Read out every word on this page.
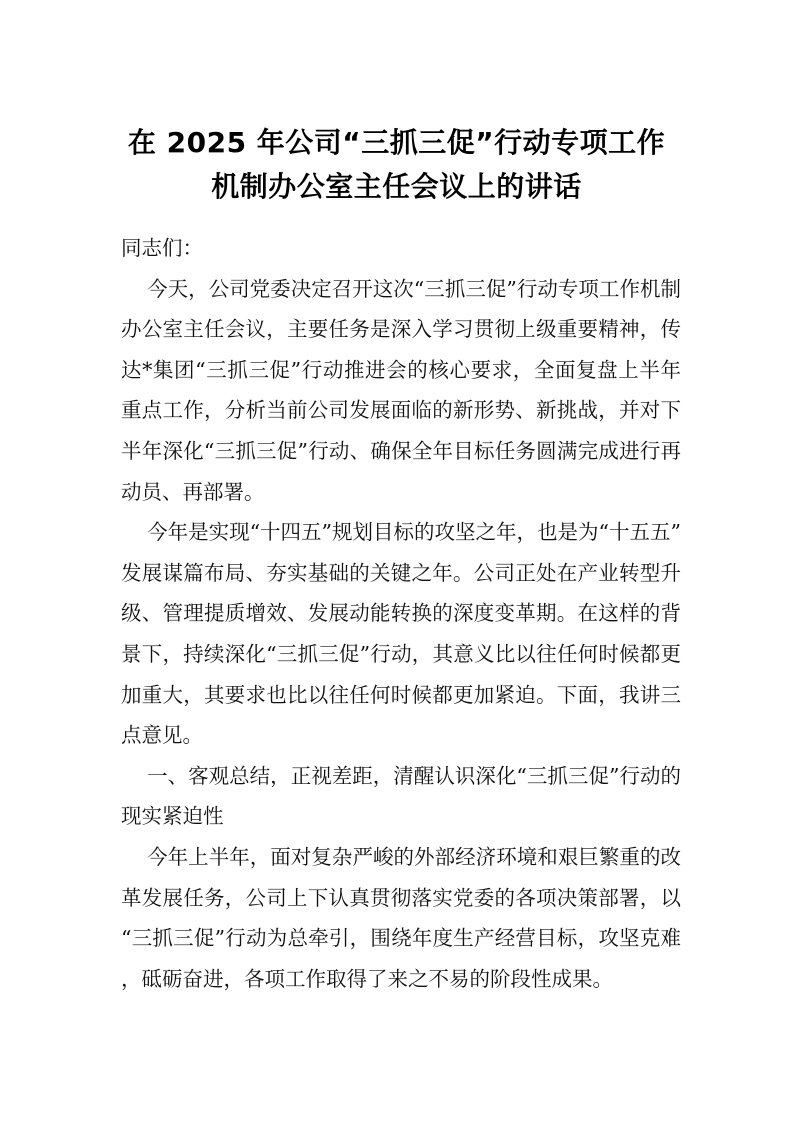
在 2025 年公司“三抓三促”行动专项工作
机制办公室主任会议上的讲话

同志们：

今天，公司党委决定召开这次“三抓三促”行动专项工作机制办公室主任会议，主要任务是深入学习贯彻上级重要精神，传达*集团“三抓三促”行动推进会的核心要求，全面复盘上半年重点工作，分析当前公司发展面临的新形势、新挑战，并对下半年深化“三抓三促”行动、确保全年目标任务圆满完成进行再动员、再部署。

今年是实现“十四五”规划目标的攻坚之年，也是为“十五五”发展谋篇布局、夯实基础的关键之年。公司正处在产业转型升级、管理提质增效、发展动能转换的深度变革期。在这样的背景下，持续深化“三抓三促”行动，其意义比以往任何时候都更加重大，其要求也比以往任何时候都更加紧迫。下面，我讲三点意见。

一、客观总结，正视差距，清醒认识深化“三抓三促”行动的现实紧迫性

今年上半年，面对复杂严峻的外部经济环境和艰巨繁重的改革发展任务，公司上下认真贯彻落实党委的各项决策部署，以“三抓三促”行动为总牵引，围绕年度生产经营目标，攻坚克难，砥砺奋进，各项工作取得了来之不易的阶段性成果。
